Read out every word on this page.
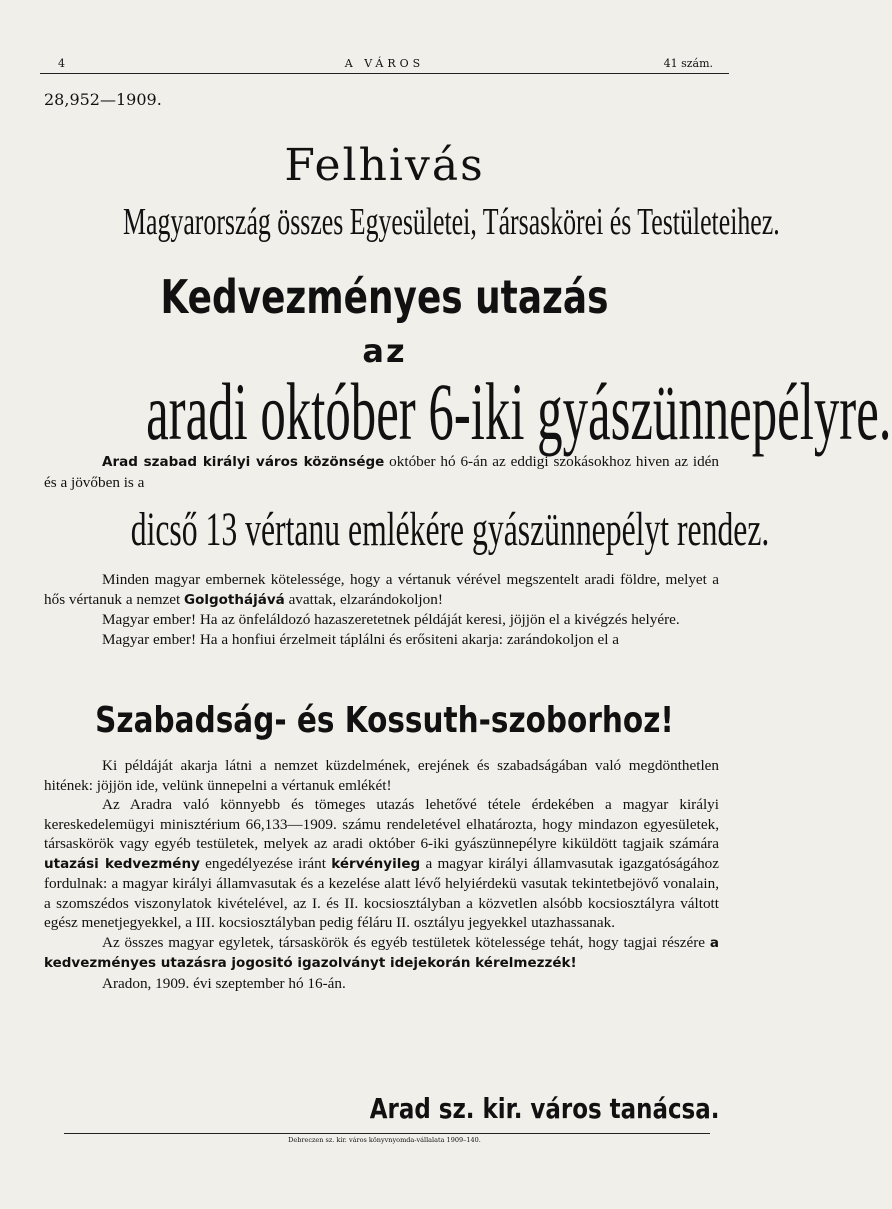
4	A VÁROS	41 szám.
28,952—1909.
Felhivás
Magyarország összes Egyesületei, Társaskörei és Testületeihez.
Kedvezményes utazás
az
aradi október 6-iki gyászünnepélyre.

Arad szabad királyi város közönsége október hó 6-án az eddigi szokásokhoz hiven az idén és a jövőben is a

dicső 13 vértanu emlékére gyászünnepélyt rendez.

Minden magyar embernek kötelessége, hogy a vértanuk vérével megszentelt aradi földre, melyet a hős vértanuk a nemzet Golgothájává avattak, elzarándokoljon!

Magyar ember! Ha az önfeláldozó hazaszeretetnek példáját keresi, jöjjön el a kivégzés helyére.

Magyar ember! Ha a honfiui érzelmeit táplálni és erősiteni akarja: zarándokoljon el a

Szabadság- és Kossuth-szoborhoz!

Ki példáját akarja látni a nemzet küzdelmének, erejének és szabadságában való megdönthetlen hitének: jöjjön ide, velünk ünnepelni a vértanuk emlékét!

Az Aradra való könnyebb és tömeges utazás lehetővé tétele érdekében a magyar királyi kereskedelemügyi minisztérium 66,133—1909. számu rendeletével elhatározta, hogy mindazon egyesületek, társaskörök vagy egyéb testületek, melyek az aradi október 6-iki gyászünnepélyre kiküldött tagjaik számára utazási kedvezmény engedélyezése iránt kérvényileg a magyar királyi államvasutak igazgatóságához fordulnak: a magyar királyi államvasutak és a kezelése alatt lévő helyiérdekü vasutak tekintetbejövő vonalain, a szomszédos viszonylatok kivételével, az I. és II. kocsiosztályban a közvetlen alsóbb kocsiosztályra váltott egész menetjegyekkel, a III. kocsiosztályban pedig féláru II. osztályu jegyekkel utazhassanak.

Az összes magyar egyletek, társaskörök és egyéb testületek kötelessége tehát, hogy tagjai részére a kedvezményes utazásra jogositó igazolványt idejekorán kérelmezzék!

Aradon, 1909. évi szeptember hó 16-án.

Arad sz. kir. város tanácsa.
Debreczen sz. kir. város könyvnyomda-vállalata 1909–140.
